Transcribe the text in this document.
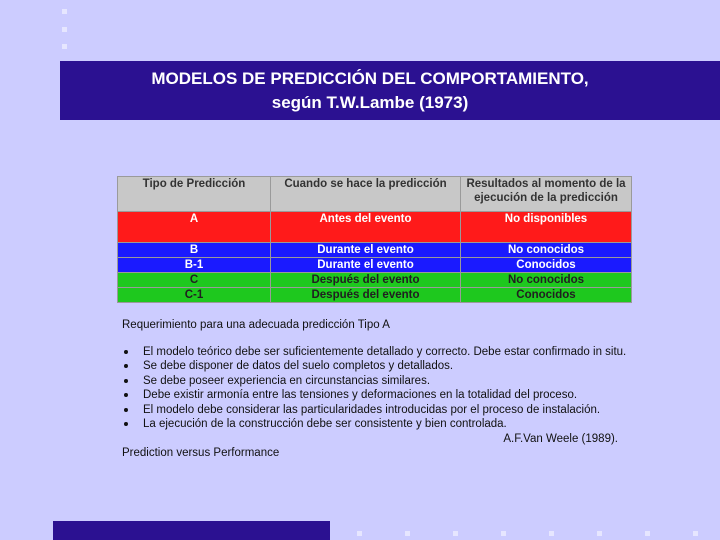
MODELOS DE PREDICCIÓN DEL COMPORTAMIENTO,
según T.W.Lambe (1973)
Tipo de Predicción	Cuando se hace la predicción	Resultados al momento de la ejecución de la predicción
A	Antes del evento	No disponibles
B	Durante el evento	No conocidos
B-1	Durante el evento	Conocidos
C	Después del evento	No conocidos
C-1	Después del evento	Conocidos

Requerimiento para una adecuada predicción Tipo A

El modelo teórico debe ser suficientemente detallado y correcto. Debe estar confirmado in situ.
Se debe disponer de datos del suelo completos y detallados.
Se debe poseer experiencia en circunstancias similares.
Debe existir armonía entre las tensiones y deformaciones en la totalidad del proceso.
El modelo debe considerar las particularidades introducidas por el proceso de instalación.
La ejecución de la construcción debe ser consistente y bien controlada.
A.F.Van Weele (1989).
Prediction versus Performance
